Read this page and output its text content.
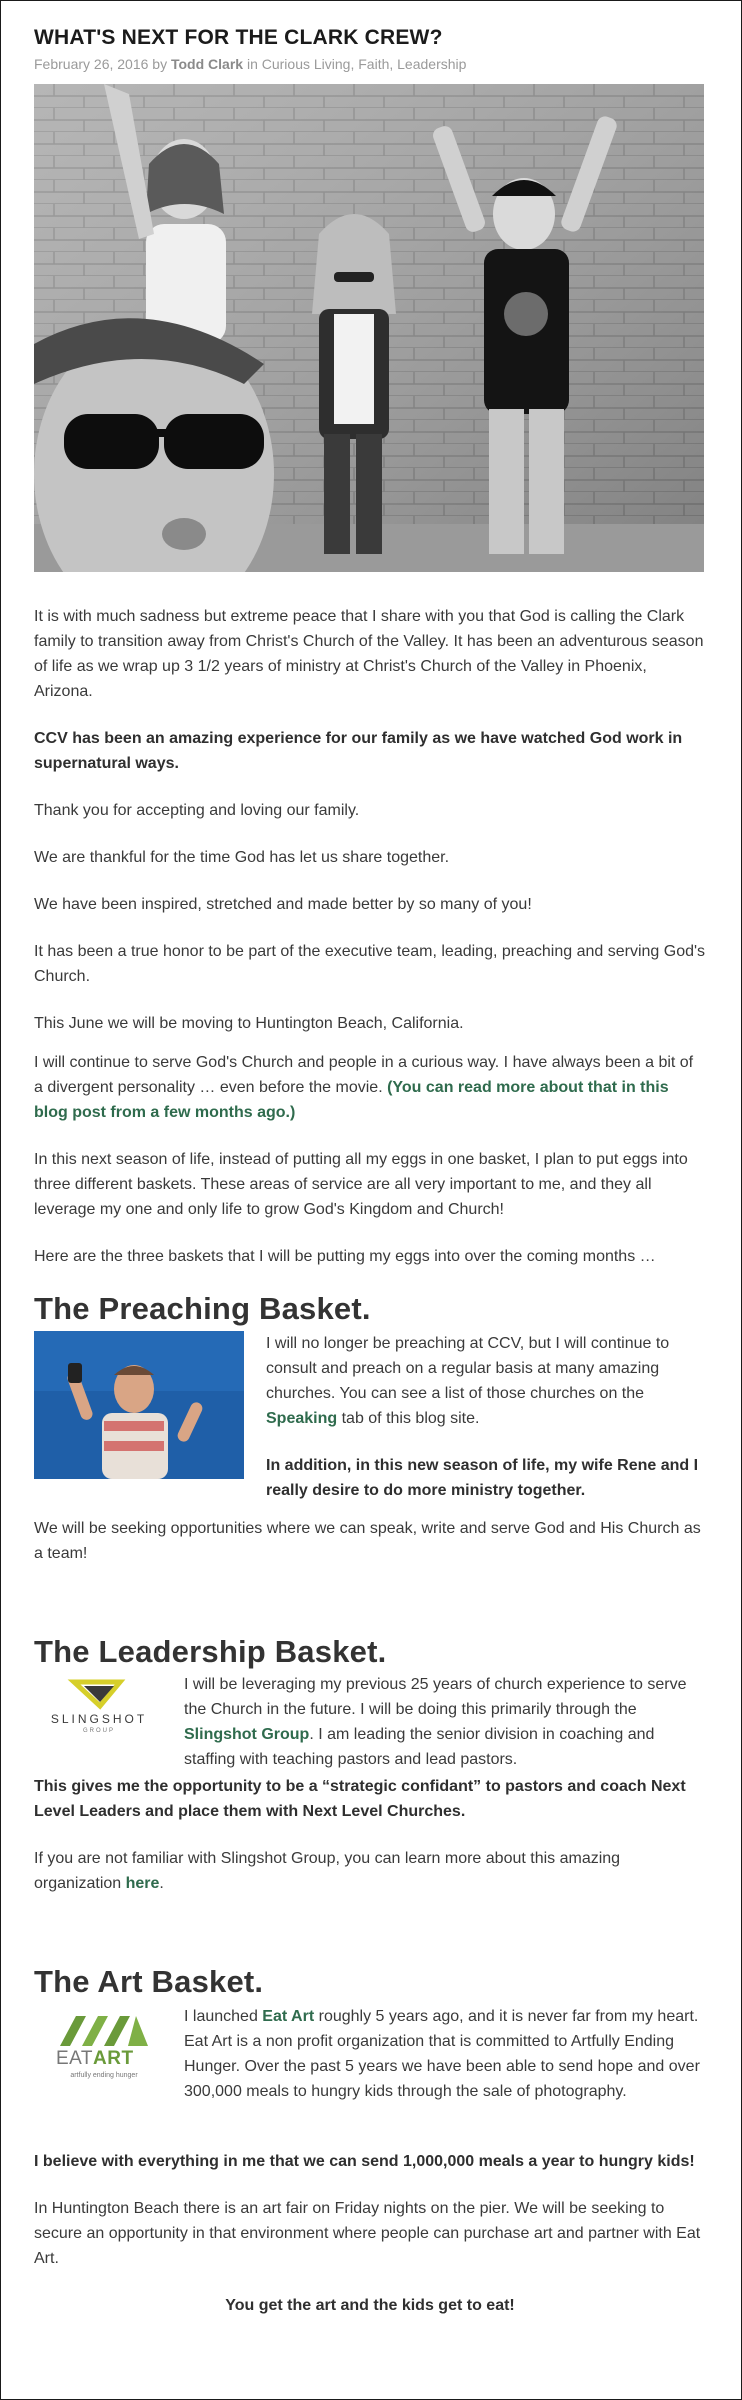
WHAT'S NEXT FOR THE CLARK CREW?
February 26, 2016 by Todd Clark in Curious Living, Faith, Leadership

It is with much sadness but extreme peace that I share with you that God is calling the Clark family to transition away from Christ's Church of the Valley. It has been an adventurous season of life as we wrap up 3 1/2 years of ministry at Christ's Church of the Valley in Phoenix, Arizona.

CCV has been an amazing experience for our family as we have watched God work in supernatural ways.

Thank you for accepting and loving our family.

We are thankful for the time God has let us share together.

We have been inspired, stretched and made better by so many of you!

It has been a true honor to be part of the executive team, leading, preaching and serving God's Church.

This June we will be moving to Huntington Beach, California.

I will continue to serve God's Church and people in a curious way. I have always been a bit of a divergent personality … even before the movie. (You can read more about that in this blog post from a few months ago.)

In this next season of life, instead of putting all my eggs in one basket, I plan to put eggs into three different baskets. These areas of service are all very important to me, and they all leverage my one and only life to grow God's Kingdom and Church!

Here are the three baskets that I will be putting my eggs into over the coming months …

The Preaching Basket.

I will no longer be preaching at CCV, but I will continue to consult and preach on a regular basis at many amazing churches. You can see a list of those churches on the Speaking tab of this blog site.

In addition, in this new season of life, my wife Rene and I really desire to do more ministry together.

We will be seeking opportunities where we can speak, write and serve God and His Church as a team!

The Leadership Basket.
SLINGSHOT
GROUP

I will be leveraging my previous 25 years of church experience to serve the Church in the future. I will be doing this primarily through the Slingshot Group. I am leading the senior division in coaching and staffing with teaching pastors and lead pastors.

This gives me the opportunity to be a “strategic confidant” to pastors and coach Next Level Leaders and place them with Next Level Churches.

If you are not familiar with Slingshot Group, you can learn more about this amazing organization here.

The Art Basket.
EATART
artfully ending hunger

I launched Eat Art roughly 5 years ago, and it is never far from my heart. Eat Art is a non profit organization that is committed to Artfully Ending Hunger. Over the past 5 years we have been able to send hope and over 300,000 meals to hungry kids through the sale of photography.

I believe with everything in me that we can send 1,000,000 meals a year to hungry kids!

In Huntington Beach there is an art fair on Friday nights on the pier. We will be seeking to secure an opportunity in that environment where people can purchase art and partner with Eat Art.

You get the art and the kids get to eat!
